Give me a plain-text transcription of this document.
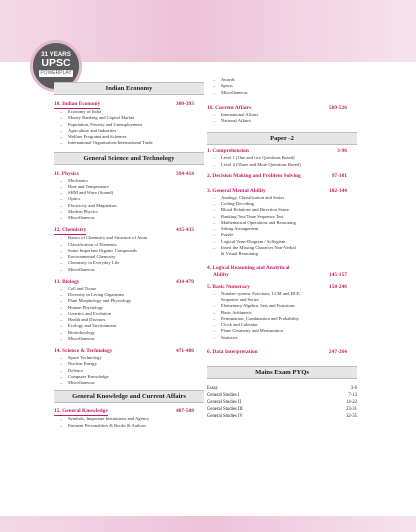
31 YEARS
UPSC
POWERPLAY
Indian Economy
10. Indian Economy	300-393
– Economy of India
– Money Banking and Capital Market
– Population, Poverty and Unemployment
– Agriculture and Industries
– Welfare Programs and Schemes
– International Organisation/International Trade
General Science and Technology
11. Physics	394-414
– Mechanics
– Heat and Temperature
– SHM and Wave (Sound)
– Optics
– Electricity and Magnetism
– Modern Physics
– Miscellaneous
12. Chemistry	415-433
– Basics of Chemistry and Structure of Atom
– Classification of Elements
– Some Important Organic Compounds
– Environmental Chemistry
– Chemistry in Everyday Life
– Miscellaneous
13. Biology	434-470
– Cell and Tissue
– Diversity in Living Organisms
– Plant Morphology and Physiology
– Human Physiology
– Genetics and Evolution
– Health and Diseases
– Ecology and Environment
– Biotechnology
– Miscellaneous
14. Science & Technology	471-486
– Space Technology
– Nuclear Energy
– Defence
– Computer Knowledge
– Miscellaneous
General Knowledge and Current Affairs
15. General Knowledge	487-508
– Symbols, Important Institutions and Agency
– Eminent Personalities & Books & Authors
– Awards
– Sports
– Miscellaneous
16. Current Affairs	509-526
– International Affairs
– National Affairs
Paper -2
1. Comprehension	3-96
– Level 1 (One and two Questions Based)
– Level 2 (Three and More Questions Based)
2. Decision Making and Problem Solving	97-101
3. General Mental Ability	102-144
– Analogy, Classification and Series
– Coding-Decoding
– Blood Relations and Direction Sense
– Ranking Test/Time Sequence Test
– Mathematical Operations and Reasoning
– Sitting Arrangement
– Puzzle
– Logical Venn-Diagram / Syllogism
– Insert the Missing Character Non-Verbal
& Visual Reasoning
4. Logical Reasoning and Analytical
Ability	145-157
5. Basic Numeracy	158-246
– Number system, Fractions, LCM and HCF,
Sequence and Series
– Elementary Algebra, Sets and Functions
– Basic Arithmetic
– Permutation, Combination and Probability
– Clock and Calendar
– Plane Geometry and Mensuration
– Statistics
6. Data Interpretation	247-264
Mains Exam PYQs
Essay	3-6
General Studies I	7-13
General Studies II	14-22
General Studies III	23-31
General Studies IV	32-35
